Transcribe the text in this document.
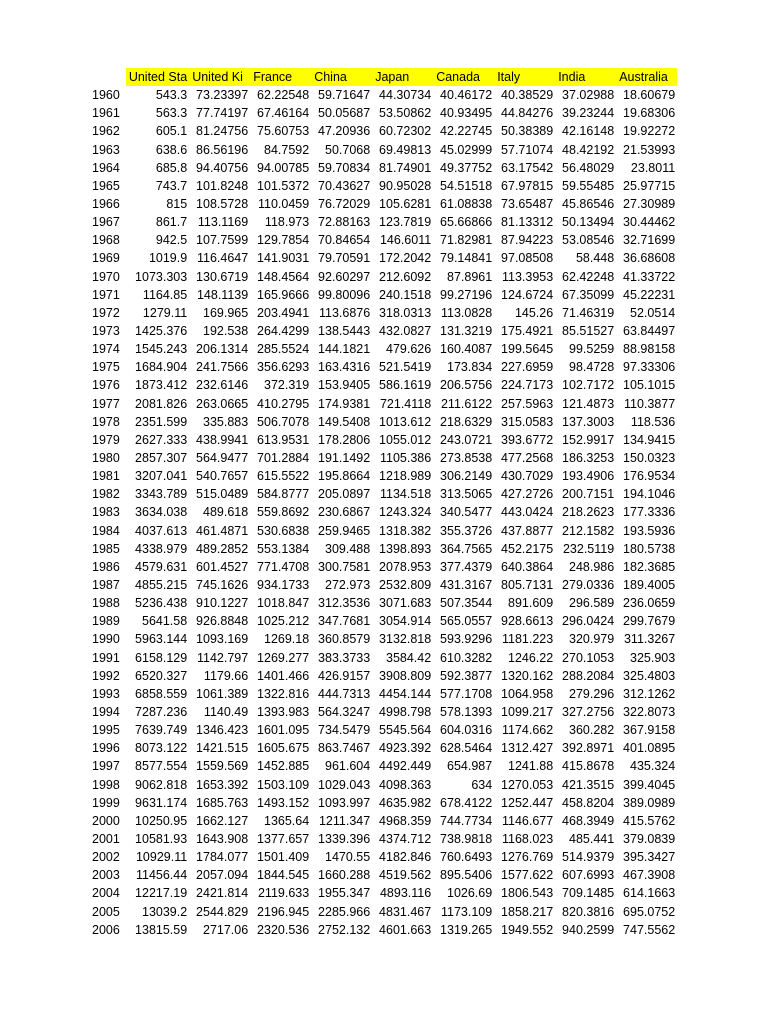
	United Sta	United Ki	France	China	Japan	Canada	Italy	India	Australia
1960	543.3	73.23397	62.22548	59.71647	44.30734	40.46172	40.38529	37.02988	18.60679
1961	563.3	77.74197	67.46164	50.05687	53.50862	40.93495	44.84276	39.23244	19.68306
1962	605.1	81.24756	75.60753	47.20936	60.72302	42.22745	50.38389	42.16148	19.92272
1963	638.6	86.56196	84.7592	50.7068	69.49813	45.02999	57.71074	48.42192	21.53993
1964	685.8	94.40756	94.00785	59.70834	81.74901	49.37752	63.17542	56.48029	23.8011
1965	743.7	101.8248	101.5372	70.43627	90.95028	54.51518	67.97815	59.55485	25.97715
1966	815	108.5728	110.0459	76.72029	105.6281	61.08838	73.65487	45.86546	27.30989
1967	861.7	113.1169	118.973	72.88163	123.7819	65.66866	81.13312	50.13494	30.44462
1968	942.5	107.7599	129.7854	70.84654	146.6011	71.82981	87.94223	53.08546	32.71699
1969	1019.9	116.4647	141.9031	79.70591	172.2042	79.14841	97.08508	58.448	36.68608
1970	1073.303	130.6719	148.4564	92.60297	212.6092	87.8961	113.3953	62.42248	41.33722
1971	1164.85	148.1139	165.9666	99.80096	240.1518	99.27196	124.6724	67.35099	45.22231
1972	1279.11	169.965	203.4941	113.6876	318.0313	113.0828	145.26	71.46319	52.0514
1973	1425.376	192.538	264.4299	138.5443	432.0827	131.3219	175.4921	85.51527	63.84497
1974	1545.243	206.1314	285.5524	144.1821	479.626	160.4087	199.5645	99.5259	88.98158
1975	1684.904	241.7566	356.6293	163.4316	521.5419	173.834	227.6959	98.4728	97.33306
1976	1873.412	232.6146	372.319	153.9405	586.1619	206.5756	224.7173	102.7172	105.1015
1977	2081.826	263.0665	410.2795	174.9381	721.4118	211.6122	257.5963	121.4873	110.3877
1978	2351.599	335.883	506.7078	149.5408	1013.612	218.6329	315.0583	137.3003	118.536
1979	2627.333	438.9941	613.9531	178.2806	1055.012	243.0721	393.6772	152.9917	134.9415
1980	2857.307	564.9477	701.2884	191.1492	1105.386	273.8538	477.2568	186.3253	150.0323
1981	3207.041	540.7657	615.5522	195.8664	1218.989	306.2149	430.7029	193.4906	176.9534
1982	3343.789	515.0489	584.8777	205.0897	1134.518	313.5065	427.2726	200.7151	194.1046
1983	3634.038	489.618	559.8692	230.6867	1243.324	340.5477	443.0424	218.2623	177.3336
1984	4037.613	461.4871	530.6838	259.9465	1318.382	355.3726	437.8877	212.1582	193.5936
1985	4338.979	489.2852	553.1384	309.488	1398.893	364.7565	452.2175	232.5119	180.5738
1986	4579.631	601.4527	771.4708	300.7581	2078.953	377.4379	640.3864	248.986	182.3685
1987	4855.215	745.1626	934.1733	272.973	2532.809	431.3167	805.7131	279.0336	189.4005
1988	5236.438	910.1227	1018.847	312.3536	3071.683	507.3544	891.609	296.589	236.0659
1989	5641.58	926.8848	1025.212	347.7681	3054.914	565.0557	928.6613	296.0424	299.7679
1990	5963.144	1093.169	1269.18	360.8579	3132.818	593.9296	1181.223	320.979	311.3267
1991	6158.129	1142.797	1269.277	383.3733	3584.42	610.3282	1246.22	270.1053	325.903
1992	6520.327	1179.66	1401.466	426.9157	3908.809	592.3877	1320.162	288.2084	325.4803
1993	6858.559	1061.389	1322.816	444.7313	4454.144	577.1708	1064.958	279.296	312.1262
1994	7287.236	1140.49	1393.983	564.3247	4998.798	578.1393	1099.217	327.2756	322.8073
1995	7639.749	1346.423	1601.095	734.5479	5545.564	604.0316	1174.662	360.282	367.9158
1996	8073.122	1421.515	1605.675	863.7467	4923.392	628.5464	1312.427	392.8971	401.0895
1997	8577.554	1559.569	1452.885	961.604	4492.449	654.987	1241.88	415.8678	435.324
1998	9062.818	1653.392	1503.109	1029.043	4098.363	634	1270.053	421.3515	399.4045
1999	9631.174	1685.763	1493.152	1093.997	4635.982	678.4122	1252.447	458.8204	389.0989
2000	10250.95	1662.127	1365.64	1211.347	4968.359	744.7734	1146.677	468.3949	415.5762
2001	10581.93	1643.908	1377.657	1339.396	4374.712	738.9818	1168.023	485.441	379.0839
2002	10929.11	1784.077	1501.409	1470.55	4182.846	760.6493	1276.769	514.9379	395.3427
2003	11456.44	2057.094	1844.545	1660.288	4519.562	895.5406	1577.622	607.6993	467.3908
2004	12217.19	2421.814	2119.633	1955.347	4893.116	1026.69	1806.543	709.1485	614.1663
2005	13039.2	2544.829	2196.945	2285.966	4831.467	1173.109	1858.217	820.3816	695.0752
2006	13815.59	2717.06	2320.536	2752.132	4601.663	1319.265	1949.552	940.2599	747.5562
